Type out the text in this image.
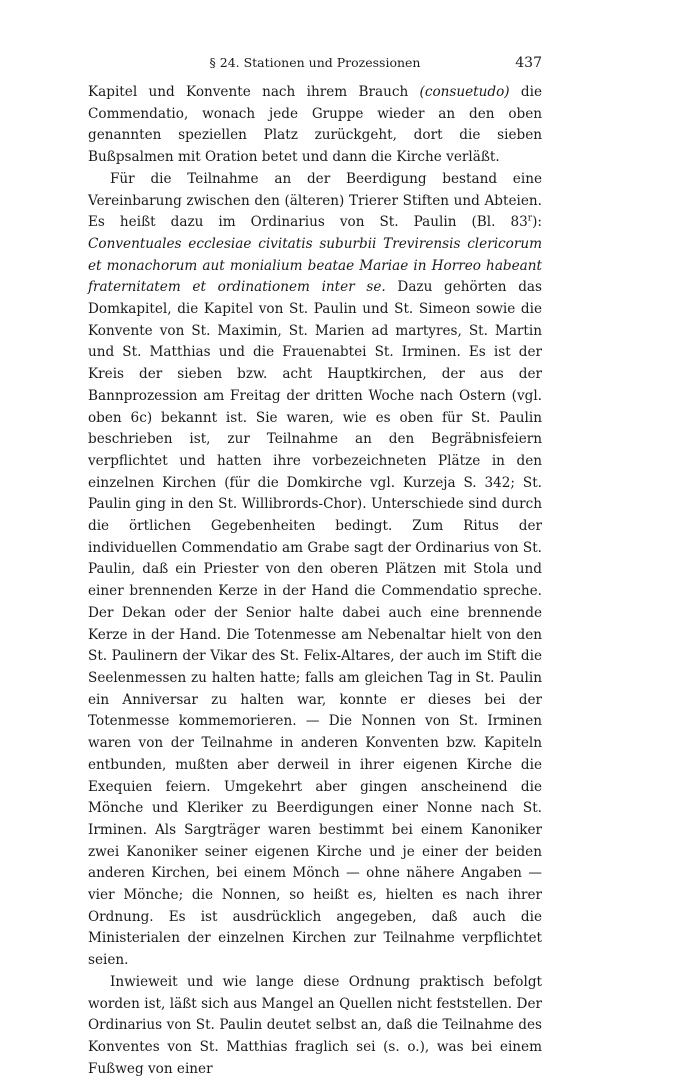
§ 24. Stationen und Prozessionen	437

Kapitel und Konvente nach ihrem Brauch (consuetudo) die Commendatio, wonach jede Gruppe wieder an den oben genannten speziellen Platz zurückgeht, dort die sieben Bußpsalmen mit Oration betet und dann die Kirche verläßt.

Für die Teilnahme an der Beerdigung bestand eine Vereinbarung zwischen den (älteren) Trierer Stiften und Abteien. Es heißt dazu im Ordinarius von St. Paulin (Bl. 83$^r$): Conventuales ecclesiae civitatis suburbii Trevirensis clericorum et monachorum aut monialium beatae Mariae in Horreo habeant fraternitatem et ordinationem inter se. Dazu gehörten das Domkapitel, die Kapitel von St. Paulin und St. Simeon sowie die Konvente von St. Maximin, St. Marien ad martyres, St. Martin und St. Matthias und die Frauenabtei St. Irminen. Es ist der Kreis der sieben bzw. acht Hauptkirchen, der aus der Bannprozession am Freitag der dritten Woche nach Ostern (vgl. oben 6c) bekannt ist. Sie waren, wie es oben für St. Paulin beschrieben ist, zur Teilnahme an den Begräbnisfeiern verpflichtet und hatten ihre vorbezeichneten Plätze in den einzelnen Kirchen (für die Domkirche vgl. Kurzeja S. 342; St. Paulin ging in den St. Willibrords-Chor). Unterschiede sind durch die örtlichen Gegebenheiten bedingt. Zum Ritus der individuellen Commendatio am Grabe sagt der Ordinarius von St. Paulin, daß ein Priester von den oberen Plätzen mit Stola und einer brennenden Kerze in der Hand die Commendatio spreche. Der Dekan oder der Senior halte dabei auch eine brennende Kerze in der Hand. Die Totenmesse am Nebenaltar hielt von den St. Paulinern der Vikar des St. Felix-Altares, der auch im Stift die Seelenmessen zu halten hatte; falls am gleichen Tag in St. Paulin ein Anniversar zu halten war, konnte er dieses bei der Totenmesse kommemorieren. — Die Nonnen von St. Irminen waren von der Teilnahme in anderen Konventen bzw. Kapiteln entbunden, mußten aber derweil in ihrer eigenen Kirche die Exequien feiern. Umgekehrt aber gingen anscheinend die Mönche und Kleriker zu Beerdigungen einer Nonne nach St. Irminen. Als Sargträger waren bestimmt bei einem Kanoniker zwei Kanoniker seiner eigenen Kirche und je einer der beiden anderen Kirchen, bei einem Mönch — ohne nähere Angaben — vier Mönche; die Nonnen, so heißt es, hielten es nach ihrer Ordnung. Es ist ausdrücklich angegeben, daß auch die Ministerialen der einzelnen Kirchen zur Teilnahme verpflichtet seien.

Inwieweit und wie lange diese Ordnung praktisch befolgt worden ist, läßt sich aus Mangel an Quellen nicht feststellen. Der Ordinarius von St. Paulin deutet selbst an, daß die Teilnahme des Konventes von St. Matthias fraglich sei (s. o.), was bei einem Fußweg von einer
